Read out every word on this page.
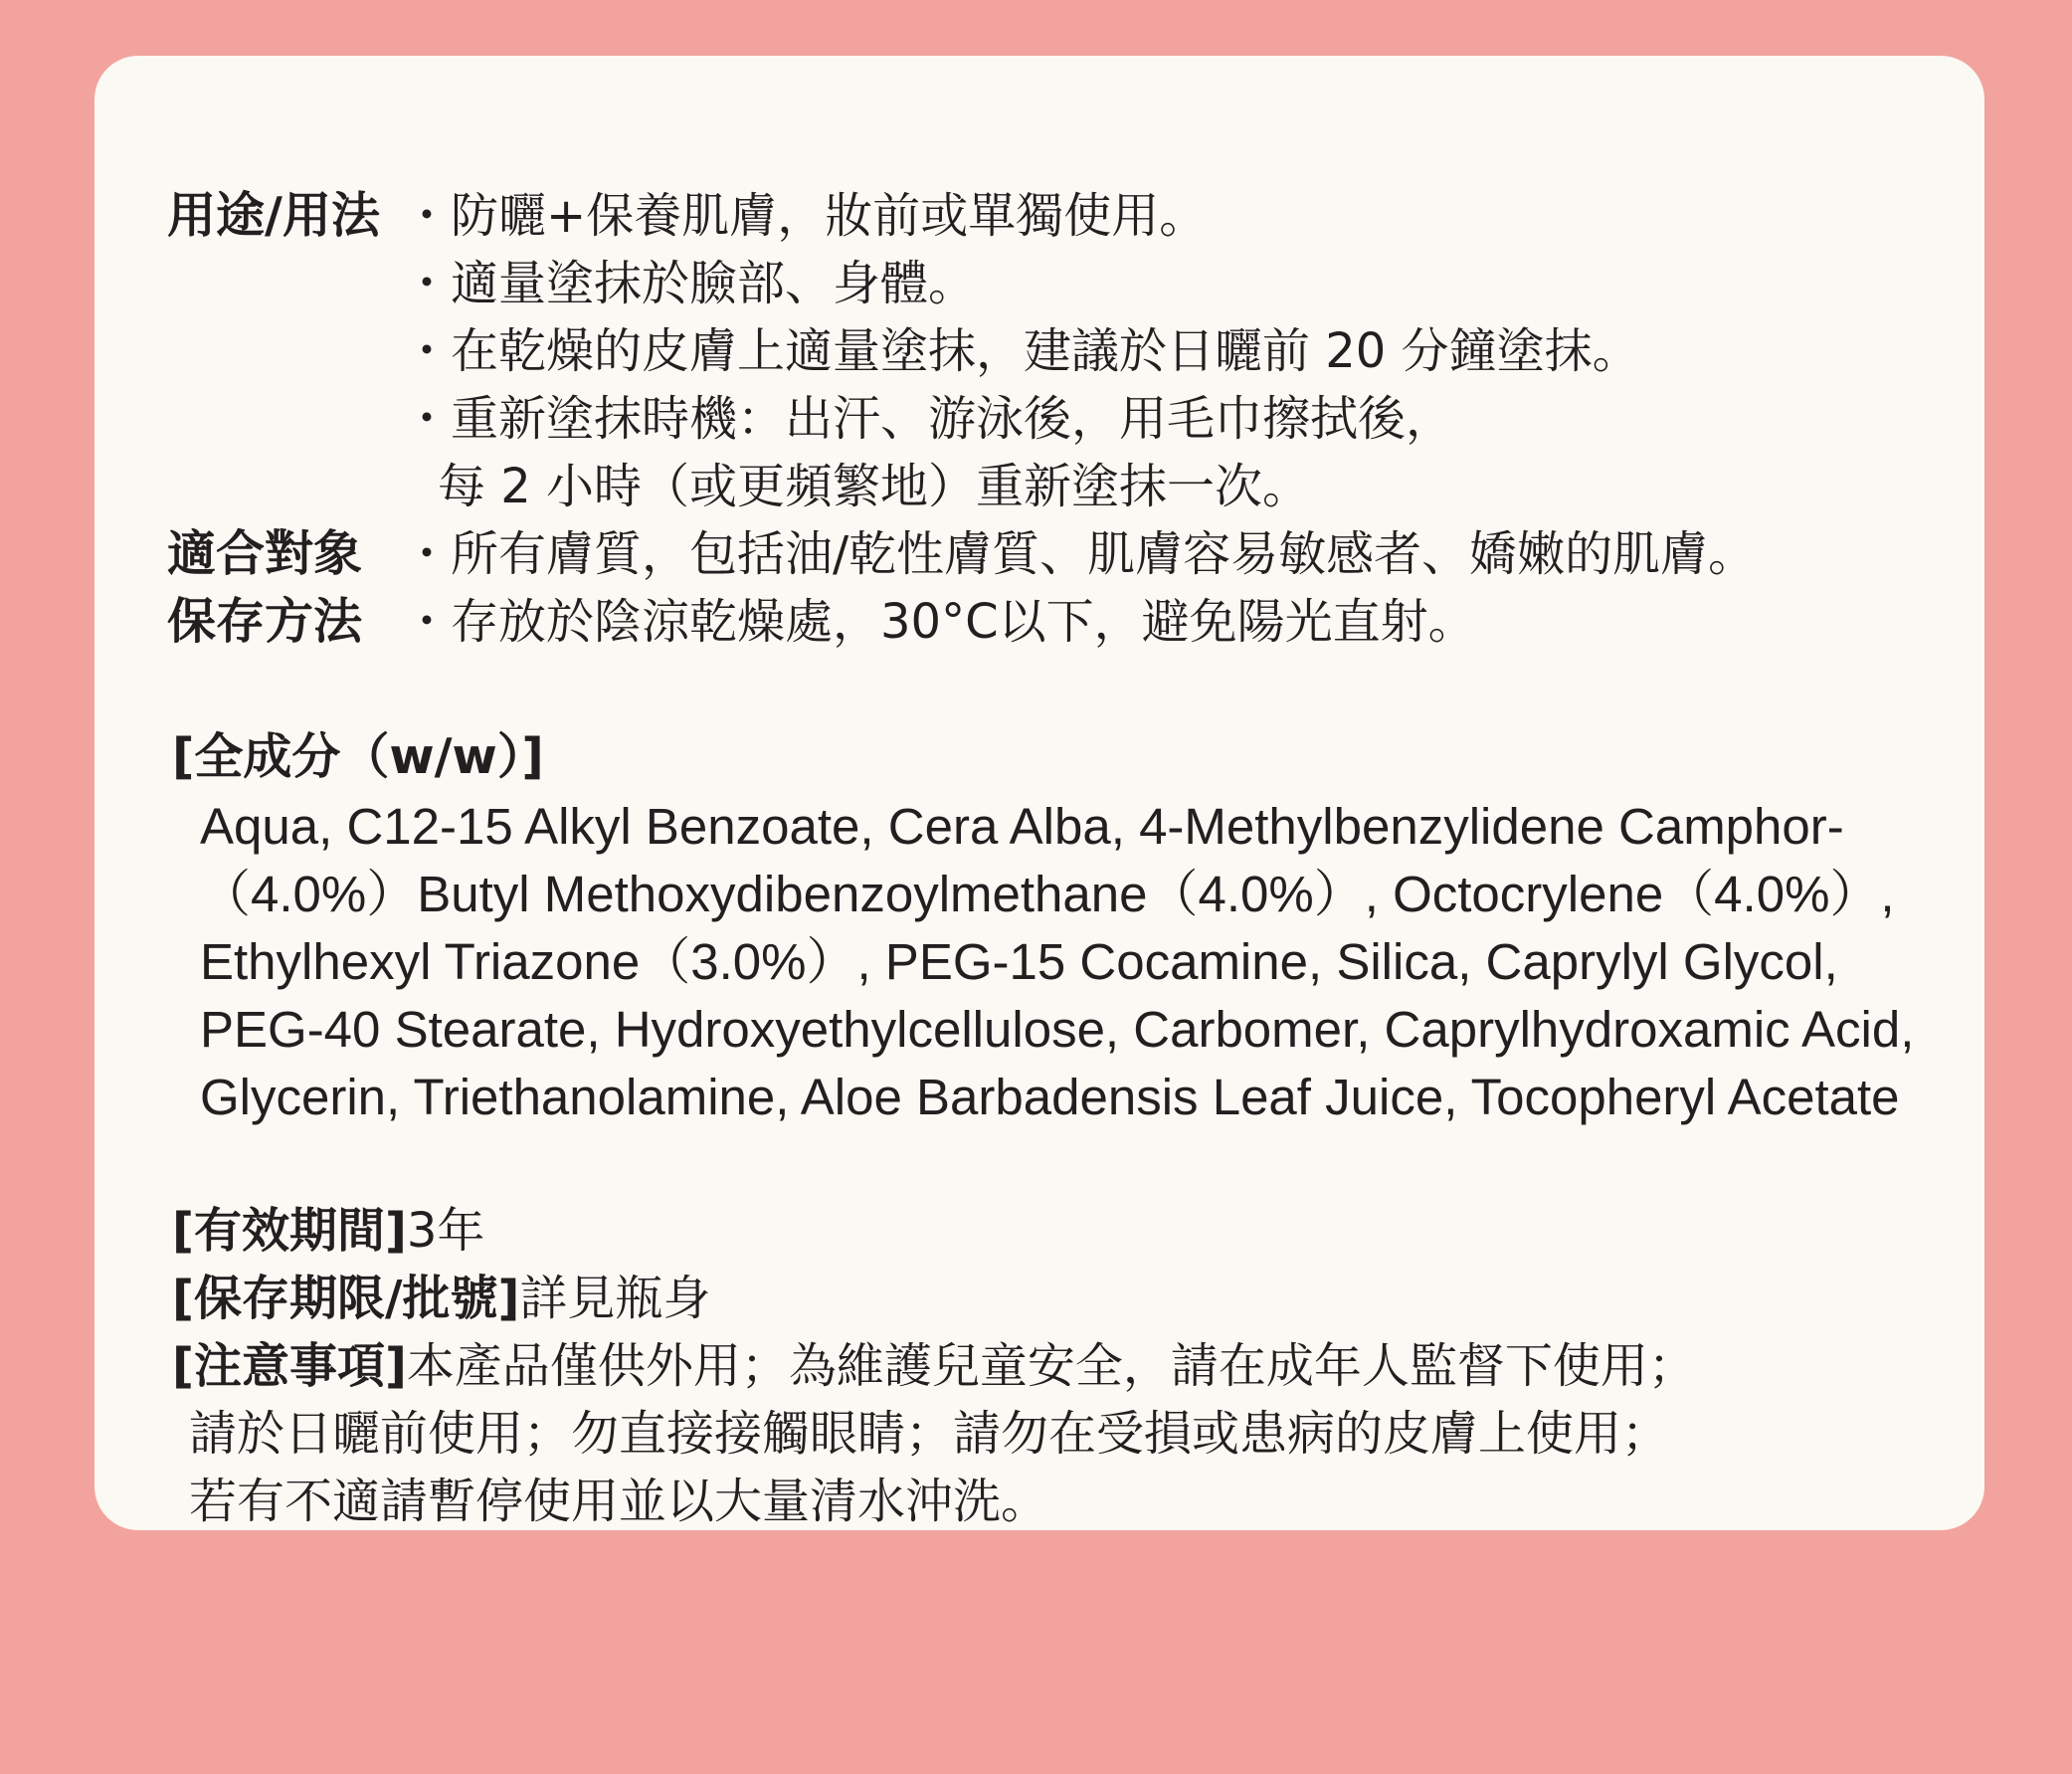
用途/用法 ・防曬+保養肌膚，妝前或單獨使用。
・適量塗抹於臉部、身體。
・在乾燥的皮膚上適量塗抹，建議於日曬前 20 分鐘塗抹。
・重新塗抹時機：出汗、游泳後，用毛巾擦拭後，
每 2 小時（或更頻繁地）重新塗抹一次。
適合對象 ・所有膚質，包括油/乾性膚質、肌膚容易敏感者、嬌嫩的肌膚。
保存方法 ・存放於陰涼乾燥處，30°C以下，避免陽光直射。
[全成分（w/w）]
Aqua, C12-15 Alkyl Benzoate, Cera Alba, 4-Methylbenzylidene Camphor-
（4.0%）Butyl Methoxydibenzoylmethane（4.0%）, Octocrylene（4.0%）,
Ethylhexyl Triazone（3.0%）, PEG-15 Cocamine, Silica, Caprylyl Glycol,
PEG-40 Stearate, Hydroxyethylcellulose, Carbomer, Caprylhydroxamic Acid,
Glycerin, Triethanolamine, Aloe Barbadensis Leaf Juice, Tocopheryl Acetate
[有效期間]3年
[保存期限/批號]詳見瓶身
[注意事項]本產品僅供外用；為維護兒童安全，請在成年人監督下使用；
請於日曬前使用；勿直接接觸眼睛；請勿在受損或患病的皮膚上使用；
若有不適請暫停使用並以大量清水沖洗。
